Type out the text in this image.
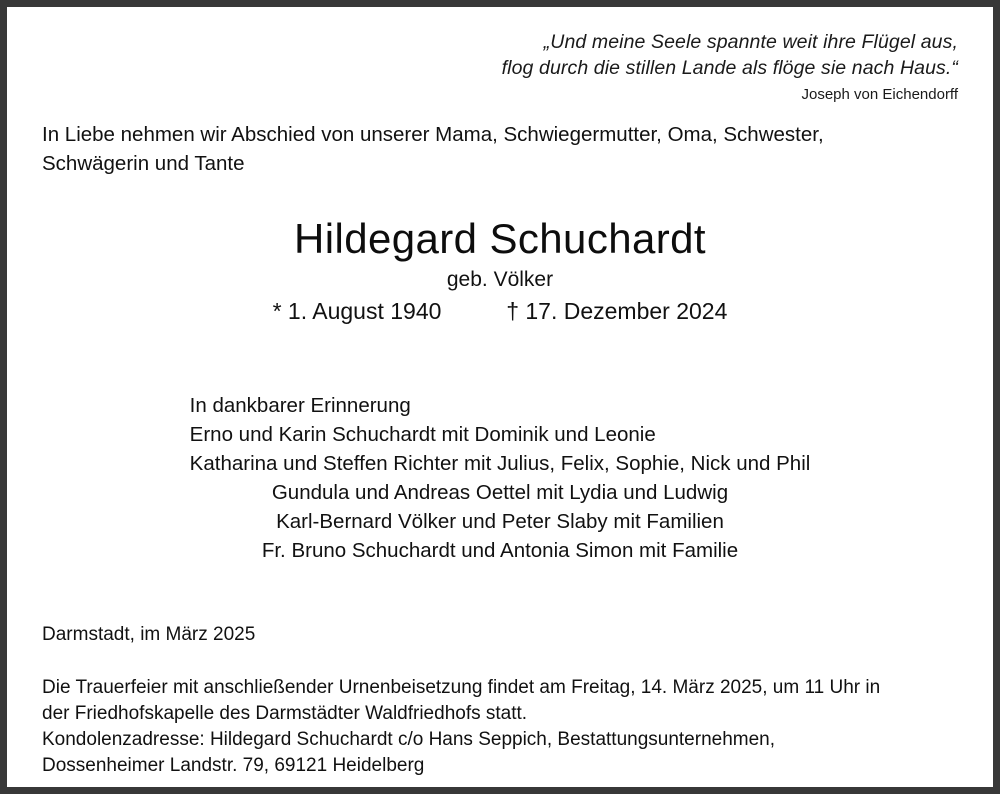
„Und meine Seele spannte weit ihre Flügel aus,
flog durch die stillen Lande als flöge sie nach Haus.“
Joseph von Eichendorff
In Liebe nehmen wir Abschied von unserer Mama, Schwiegermutter, Oma, Schwester,
Schwägerin und Tante
Hildegard Schuchardt
geb. Völker
* 1. August 1940	† 17. Dezember 2024
In dankbarer Erinnerung
Erno und Karin Schuchardt mit Dominik und Leonie
Katharina und Steffen Richter mit Julius, Felix, Sophie, Nick und Phil
Gundula und Andreas Oettel mit Lydia und Ludwig
Karl-Bernard Völker und Peter Slaby mit Familien
Fr. Bruno Schuchardt und Antonia Simon mit Familie
Darmstadt, im März 2025
Die Trauerfeier mit anschließender Urnenbeisetzung findet am Freitag, 14. März 2025, um 11 Uhr in
der Friedhofskapelle des Darmstädter Waldfriedhofs statt.
Kondolenzadresse: Hildegard Schuchardt c/o Hans Seppich, Bestattungsunternehmen,
Dossenheimer Landstr. 79, 69121 Heidelberg
